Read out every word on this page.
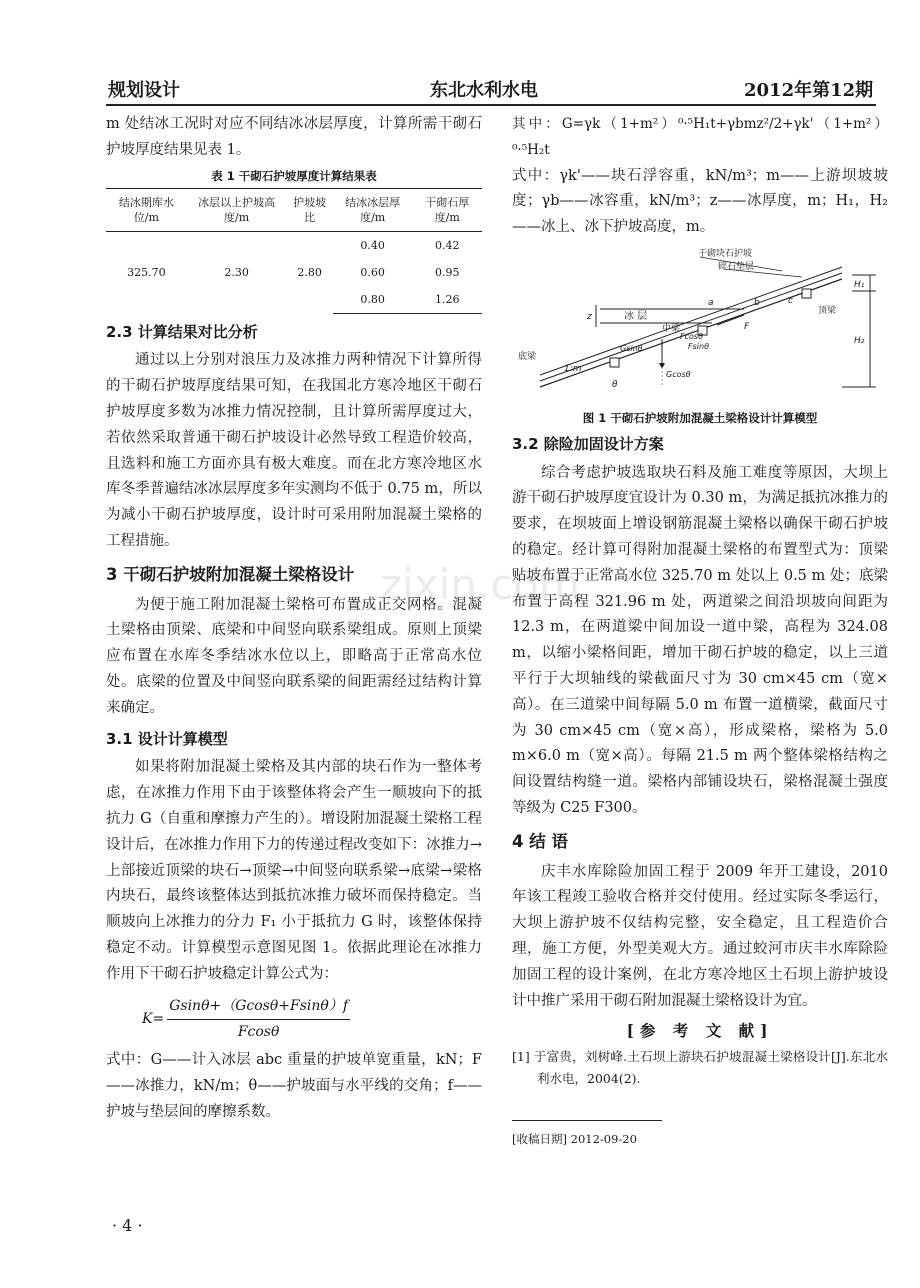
规划设计	东北水利水电	2012年第12期
zixin.com

m 处结冰工况时对应不同结冰冰层厚度，计算所需干砌石护坡厚度结果见表 1。

表 1 干砌石护坡厚度计算结果表
结冰期库水位/m	冰层以上护坡高度/m	护坡坡比	结冰冰层厚度/m	干砌石厚度/m
325.70	2.30	2.80	0.40	0.42
			0.60	0.95
			0.80	1.26
2.3 计算结果对比分析

通过以上分别对浪压力及冰推力两种情况下计算所得的干砌石护坡厚度结果可知，在我国北方寒冷地区干砌石护坡厚度多数为冰推力情况控制，且计算所需厚度过大，若依然采取普通干砌石护坡设计必然导致工程造价较高，且选料和施工方面亦具有极大难度。而在北方寒冷地区水库冬季普遍结冰冰层厚度多年实测均不低于 0.75 m，所以为减小干砌石护坡厚度，设计时可采用附加混凝土梁格的工程措施。

3 干砌石护坡附加混凝土梁格设计

为便于施工附加混凝土梁格可布置成正交网格。混凝土梁格由顶梁、底梁和中间竖向联系梁组成。原则上顶梁应布置在水库冬季结冰水位以上，即略高于正常高水位处。底梁的位置及中间竖向联系梁的间距需经过结构计算来确定。

3.1 设计计算模型

如果将附加混凝土梁格及其内部的块石作为一整体考虑，在冰推力作用下由于该整体将会产生一顺坡向下的抵抗力 G（自重和摩擦力产生的）。增设附加混凝土梁格工程设计后，在冰推力作用下力的传递过程改变如下：冰推力→上部接近顶梁的块石→顶梁→中间竖向联系梁→底梁→梁格内块石，最终该整体达到抵抗冰推力破坏而保持稳定。当顺坡向上冰推力的分力 F₁ 小于抵抗力 G 时，该整体保持稳定不动。计算模型示意图见图 1。依据此理论在冰推力作用下干砌石护坡稳定计算公式为：

$K= \frac{Gsin\theta+(Gcos\theta+Fsin\theta)f}{Fcos\theta}$

式中：G——计入冰层 abc 重量的护坡单宽重量，kN；F——冰推力，kN/m；θ——护坡面与水平线的交角；f——护坡与垫层间的摩擦系数。

其中：G=γk（1+m²）⁰·⁵H₁t+γbmz²/2+γk'（1+m²）⁰·⁵H₂t

式中：γk'——块石浮容重，kN/m³；m——上游坝坡坡度；γb——冰容重，kN/m³；z——冰厚度，m；H₁，H₂——冰上、冰下护坡高度，m。

干砌块石护坡
碎石垫层
冰 层
中梁
顶梁
底梁
1:m
H₁
H₂
z
a	b	c
F
Fcosθ
Fsinθ
Gsinθ
Gcosθ
θ
图 1 干砌石护坡附加混凝土梁格设计计算模型
3.2 除险加固设计方案

综合考虑护坡选取块石料及施工难度等原因，大坝上游干砌石护坡厚度宜设计为 0.30 m，为满足抵抗冰推力的要求，在坝坡面上增设钢筋混凝土梁格以确保干砌石护坡的稳定。经计算可得附加混凝土梁格的布置型式为：顶梁贴坡布置于正常高水位 325.70 m 处以上 0.5 m 处；底梁布置于高程 321.96 m 处，两道梁之间沿坝坡向间距为 12.3 m，在两道梁中间加设一道中梁，高程为 324.08 m，以缩小梁格间距，增加干砌石护坡的稳定，以上三道平行于大坝轴线的梁截面尺寸为 30 cm×45 cm（宽×高）。在三道梁中间每隔 5.0 m 布置一道横梁，截面尺寸为 30 cm×45 cm（宽×高），形成梁格，梁格为 5.0 m×6.0 m（宽×高）。每隔 21.5 m 两个整体梁格结构之间设置结构缝一道。梁格内部铺设块石，梁格混凝土强度等级为 C25 F300。

4 结 语

庆丰水库除险加固工程于 2009 年开工建设，2010 年该工程竣工验收合格并交付使用。经过实际冬季运行，大坝上游护坡不仅结构完整，安全稳定，且工程造价合理，施工方便，外型美观大方。通过蛟河市庆丰水库除险加固工程的设计案例，在北方寒冷地区土石坝上游护坡设计中推广采用干砌石附加混凝土梁格设计为宜。

[参 考 文 献]

[1] 于富贵，刘树峰.土石坝上游块石护坡混凝土梁格设计[J].东北水利水电，2004(2).

[收稿日期] 2012-09-20
· 4 ·
